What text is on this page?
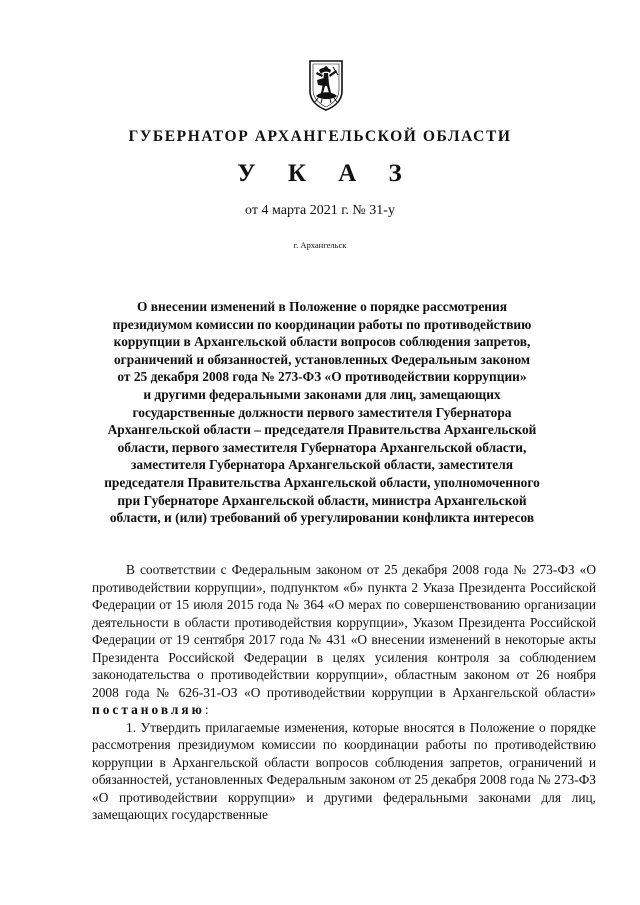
ГУБЕРНАТОР АРХАНГЕЛЬСКОЙ ОБЛАСТИ
У К А З
от 4 марта 2021 г. № 31-у
г. Архангельск
О внесении изменений в Положение о порядке рассмотрения
президиумом комиссии по координации работы по противодействию
коррупции в Архангельской области вопросов соблюдения запретов,
ограничений и обязанностей, установленных Федеральным законом
от 25 декабря 2008 года № 273-ФЗ «О противодействии коррупции»
и другими федеральными законами для лиц, замещающих
государственные должности первого заместителя Губернатора
Архангельской области – председателя Правительства Архангельской
области, первого заместителя Губернатора Архангельской области,
заместителя Губернатора Архангельской области, заместителя
председателя Правительства Архангельской области, уполномоченного
при Губернаторе Архангельской области, министра Архангельской
области, и (или) требований об урегулировании конфликта интересов

В соответствии с Федеральным законом от 25 декабря 2008 года № 273-ФЗ «О противодействии коррупции», подпунктом «б» пункта 2 Указа Президента Российской Федерации от 15 июля 2015 года № 364 «О мерах по совершенствованию организации деятельности в области противодействия коррупции», Указом Президента Российской Федерации от 19 сентября 2017 года № 431 «О внесении изменений в некоторые акты Президента Российской Федерации в целях усиления контроля за соблюдением законодательства о противодействии коррупции», областным законом от 26 ноября 2008 года № 626-31-ОЗ «О противодействии коррупции в Архангельской области» постановляю:

1. Утвердить прилагаемые изменения, которые вносятся в Положение о порядке рассмотрения президиумом комиссии по координации работы по противодействию коррупции в Архангельской области вопросов соблюдения запретов, ограничений и обязанностей, установленных Федеральным законом от 25 декабря 2008 года № 273-ФЗ «О противодействии коррупции» и другими федеральными законами для лиц, замещающих государственные
